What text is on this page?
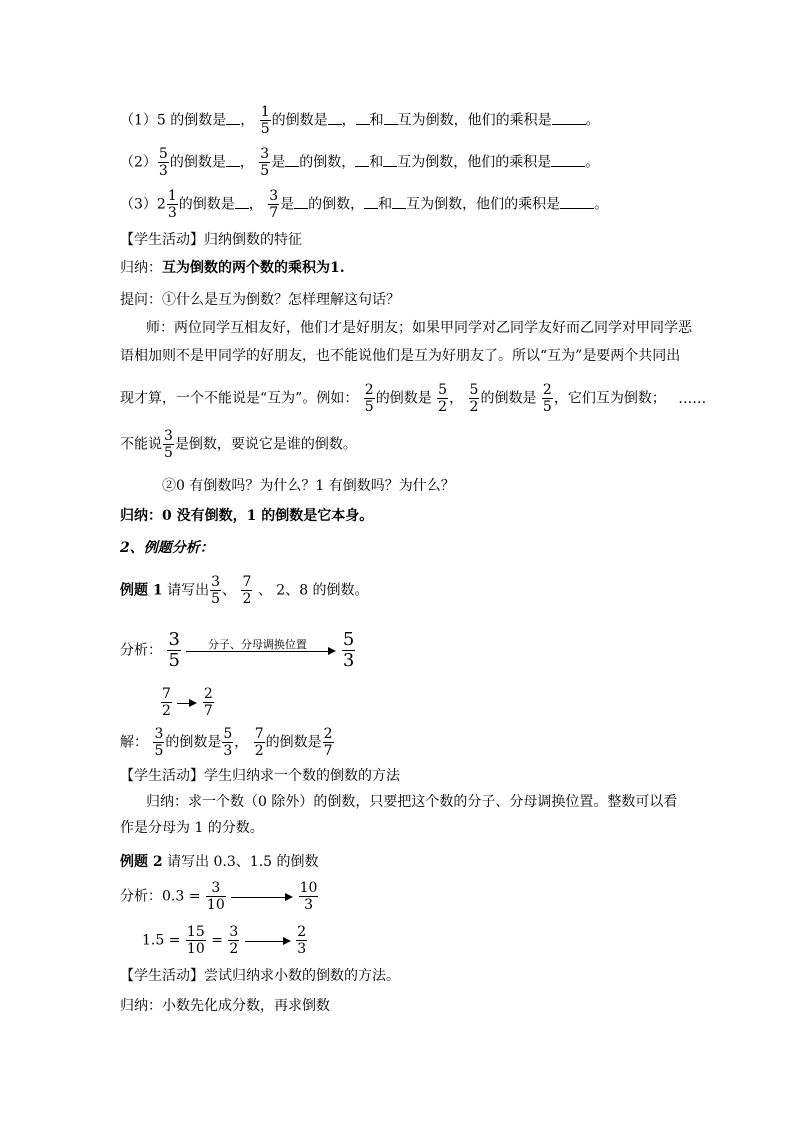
（1）5 的倒数是 ， $\frac{1}{5}$ 的倒数是 ， 和 互为倒数，他们的乘积是 。
$(2) \frac{5}{3}$ 的倒数是 ， $\frac{3}{5}$ 是 的倒数， 和 互为倒数，他们的乘积是 。
$(3)2 \frac{1}{3}$ 的倒数是 ， $\frac{3}{7}$ 是 的倒数， 和 互为倒数，他们的乘积是 。
【学生活动】归纳倒数的特征
归纳：互为倒数的两个数的乘积为1.
提问：①什么是互为倒数？怎样理解这句话？
师：两位同学互相友好，他们才是好朋友；如果甲同学对乙同学友好而乙同学对甲同学恶
语相加则不是甲同学的好朋友，也不能说他们是互为好朋友了。所以“互为”是要两个共同出
现才算，一个不能说是“互为”。例如： $\frac{2}{5}$ 的倒数是 $\frac{5}{2}$ ， $\frac{5}{2}$ 的倒数是 $\frac{2}{5}$ ，它们互为倒数； ……
不能说 $\frac{3}{5}$ 是倒数，要说它是谁的倒数。
②0 有倒数吗？为什么？1 有倒数吗？为什么？
归纳：0 没有倒数，1 的倒数是它本身。
2、例题分析：
例题 1 请写出 $\frac{3}{5}$ 、 $\frac{7}{2}$ 、 2、8 的倒数。
分析： $\frac{3}{5}$
	分子、分母调换位置
	$\frac{5}{3}$
$\frac{7}{2}$

$\frac{2}{7}$
解： $\frac{3}{5}$ 的倒数是 $\frac{5}{3}$ ， $\frac{7}{2}$ 的倒数是 $\frac{2}{7}$
【学生活动】学生归纳求一个数的倒数的方法
归纳：求一个数（0 除外）的倒数，只要把这个数的分子、分母调换位置。整数可以看
作是分母为 1 的分数。
例题 2 请写出 0.3、1.5 的倒数
分析：$0.3 = \frac{3}{10}$

	$\frac{10}{3}$
$1.5 = \frac{15}{10} = \frac{3}{2}$

	$\frac{2}{3}$
【学生活动】尝试归纳求小数的倒数的方法。
归纳：小数先化成分数，再求倒数
